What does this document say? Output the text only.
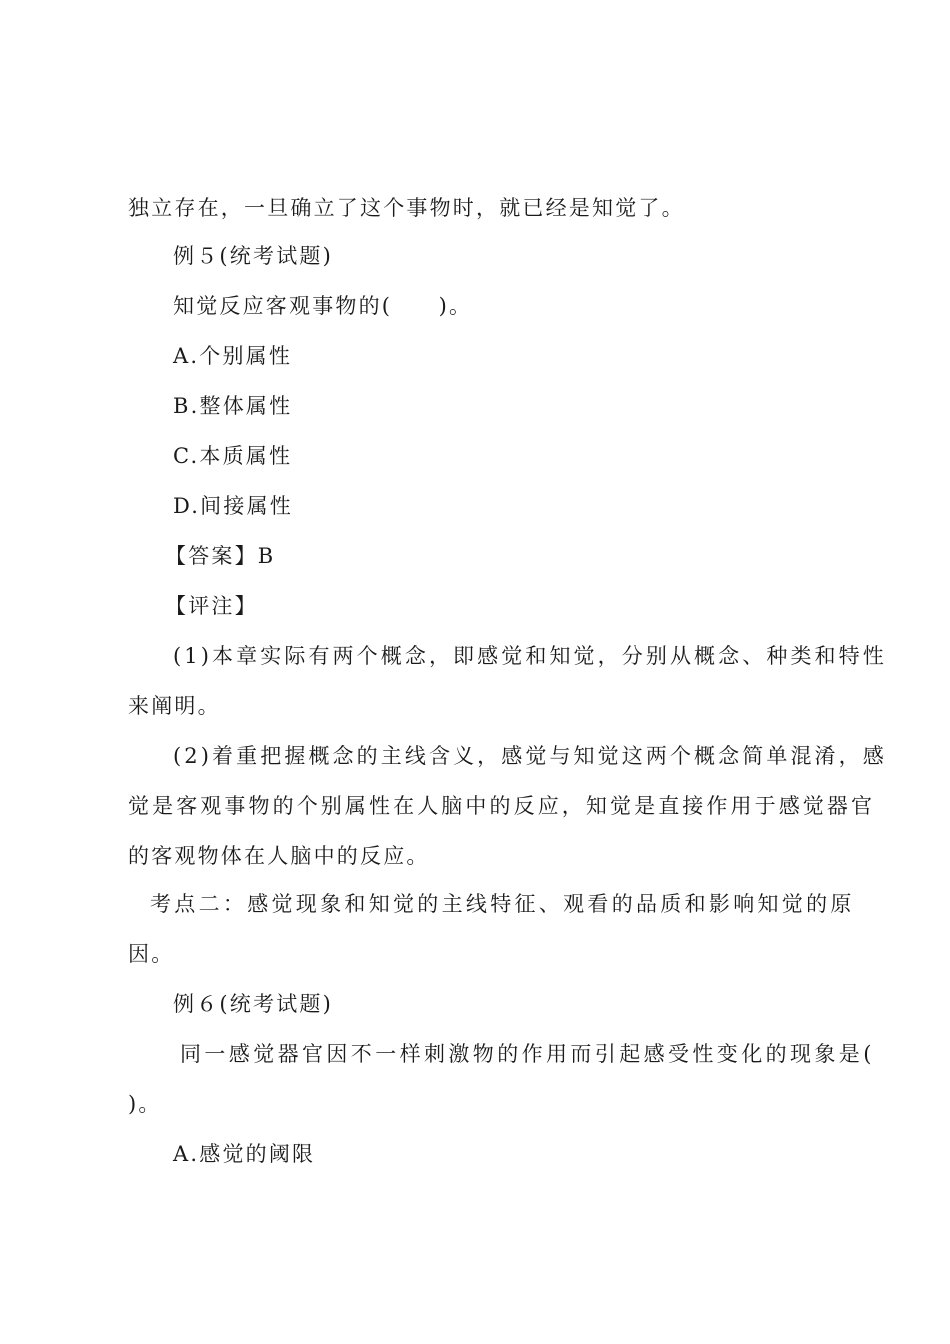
独立存在，一旦确立了这个事物时，就已经是知觉了。
例５(统考试题)
知觉反应客观事物的(　　)。
A.个别属性
B.整体属性
C.本质属性
D.间接属性
【答案】B
【评注】
(1)本章实际有两个概念，即感觉和知觉，分别从概念、种类和特性
来阐明。
(2)着重把握概念的主线含义，感觉与知觉这两个概念简单混淆，感
觉是客观事物的个别属性在人脑中的反应，知觉是直接作用于感觉器官
的客观物体在人脑中的反应。
考点二：感觉现象和知觉的主线特征、观看的品质和影响知觉的原
因。
例６(统考试题)
同一感觉器官因不一样刺激物的作用而引起感受性变化的现象是(
)。
A.感觉的阈限
